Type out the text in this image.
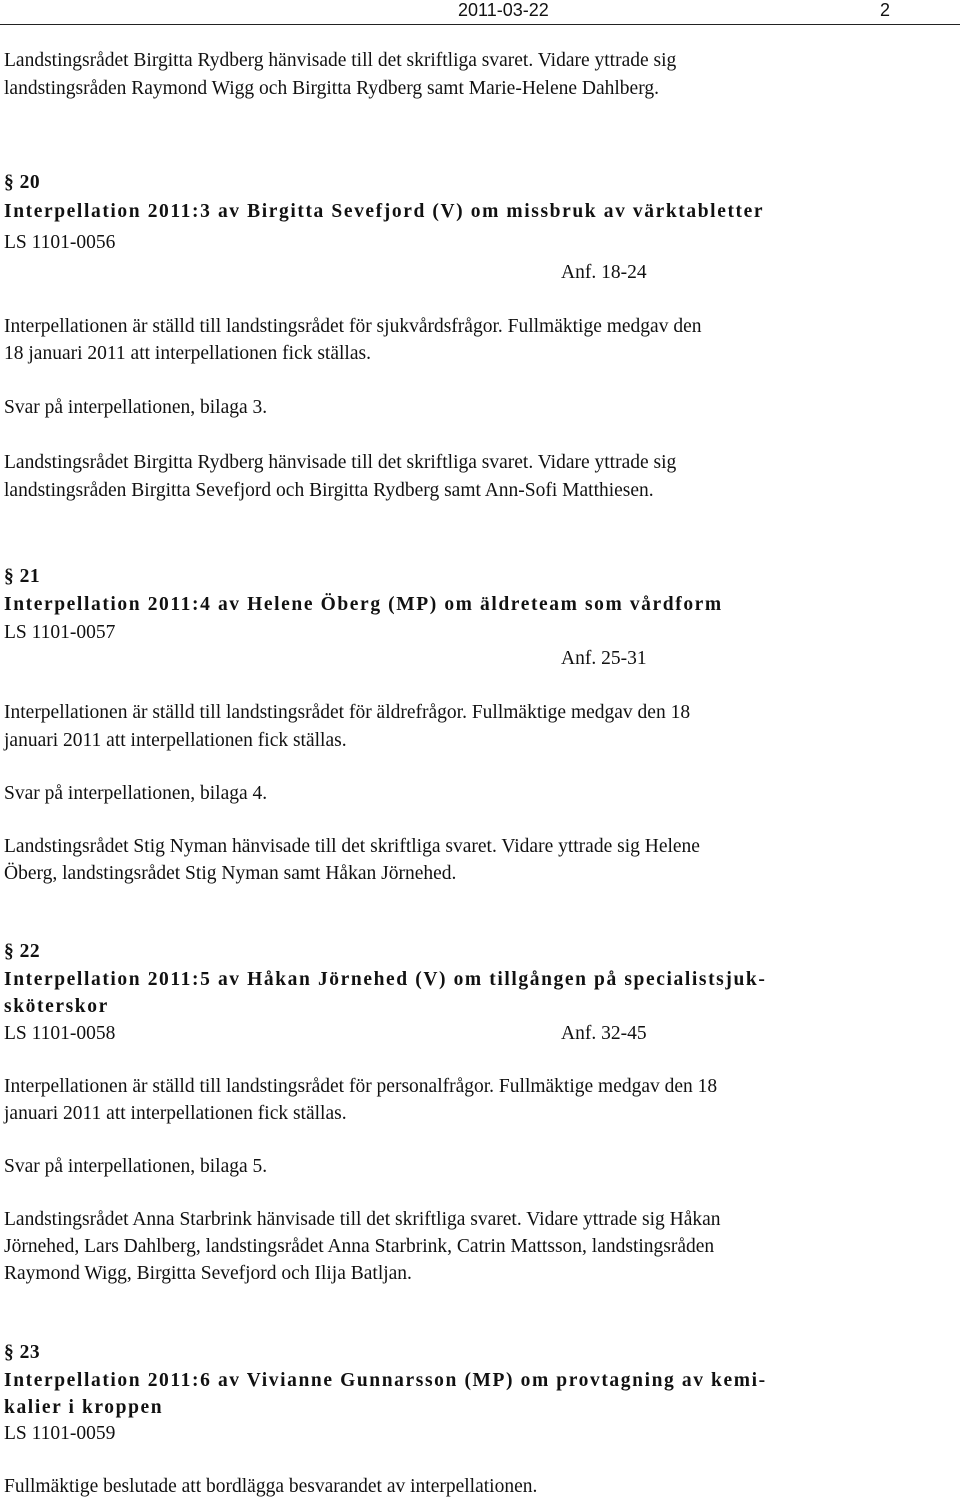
2011-03-22	2
Landstingsrådet Birgitta Rydberg hänvisade till det skriftliga svaret. Vidare yttrade sig
landstingsråden Raymond Wigg och Birgitta Rydberg samt Marie-Helene Dahlberg.
§ 20
Interpellation 2011:3 av Birgitta Sevefjord (V) om missbruk av värktabletter
LS 1101-0056
Anf. 18-24
Interpellationen är ställd till landstingsrådet för sjukvårdsfrågor. Fullmäktige medgav den
18 januari 2011 att interpellationen fick ställas.
Svar på interpellationen, bilaga 3.
Landstingsrådet Birgitta Rydberg hänvisade till det skriftliga svaret. Vidare yttrade sig
landstingsråden Birgitta Sevefjord och Birgitta Rydberg samt Ann-Sofi Matthiesen.
§ 21
Interpellation 2011:4 av Helene Öberg (MP) om äldreteam som vårdform
LS 1101-0057
Anf. 25-31
Interpellationen är ställd till landstingsrådet för äldrefrågor. Fullmäktige medgav den 18
januari 2011 att interpellationen fick ställas.
Svar på interpellationen, bilaga 4.
Landstingsrådet Stig Nyman hänvisade till det skriftliga svaret. Vidare yttrade sig Helene
Öberg, landstingsrådet Stig Nyman samt Håkan Jörnehed.
§ 22
Interpellation 2011:5 av Håkan Jörnehed (V) om tillgången på specialistsjuk-
sköterskor
LS 1101-0058	Anf. 32-45
Interpellationen är ställd till landstingsrådet för personalfrågor. Fullmäktige medgav den 18
januari 2011 att interpellationen fick ställas.
Svar på interpellationen, bilaga 5.
Landstingsrådet Anna Starbrink hänvisade till det skriftliga svaret. Vidare yttrade sig Håkan
Jörnehed, Lars Dahlberg, landstingsrådet Anna Starbrink, Catrin Mattsson, landstingsråden
Raymond Wigg, Birgitta Sevefjord och Ilija Batljan.
§ 23
Interpellation 2011:6 av Vivianne Gunnarsson (MP) om provtagning av kemi-
kalier i kroppen
LS 1101-0059
Fullmäktige beslutade att bordlägga besvarandet av interpellationen.
